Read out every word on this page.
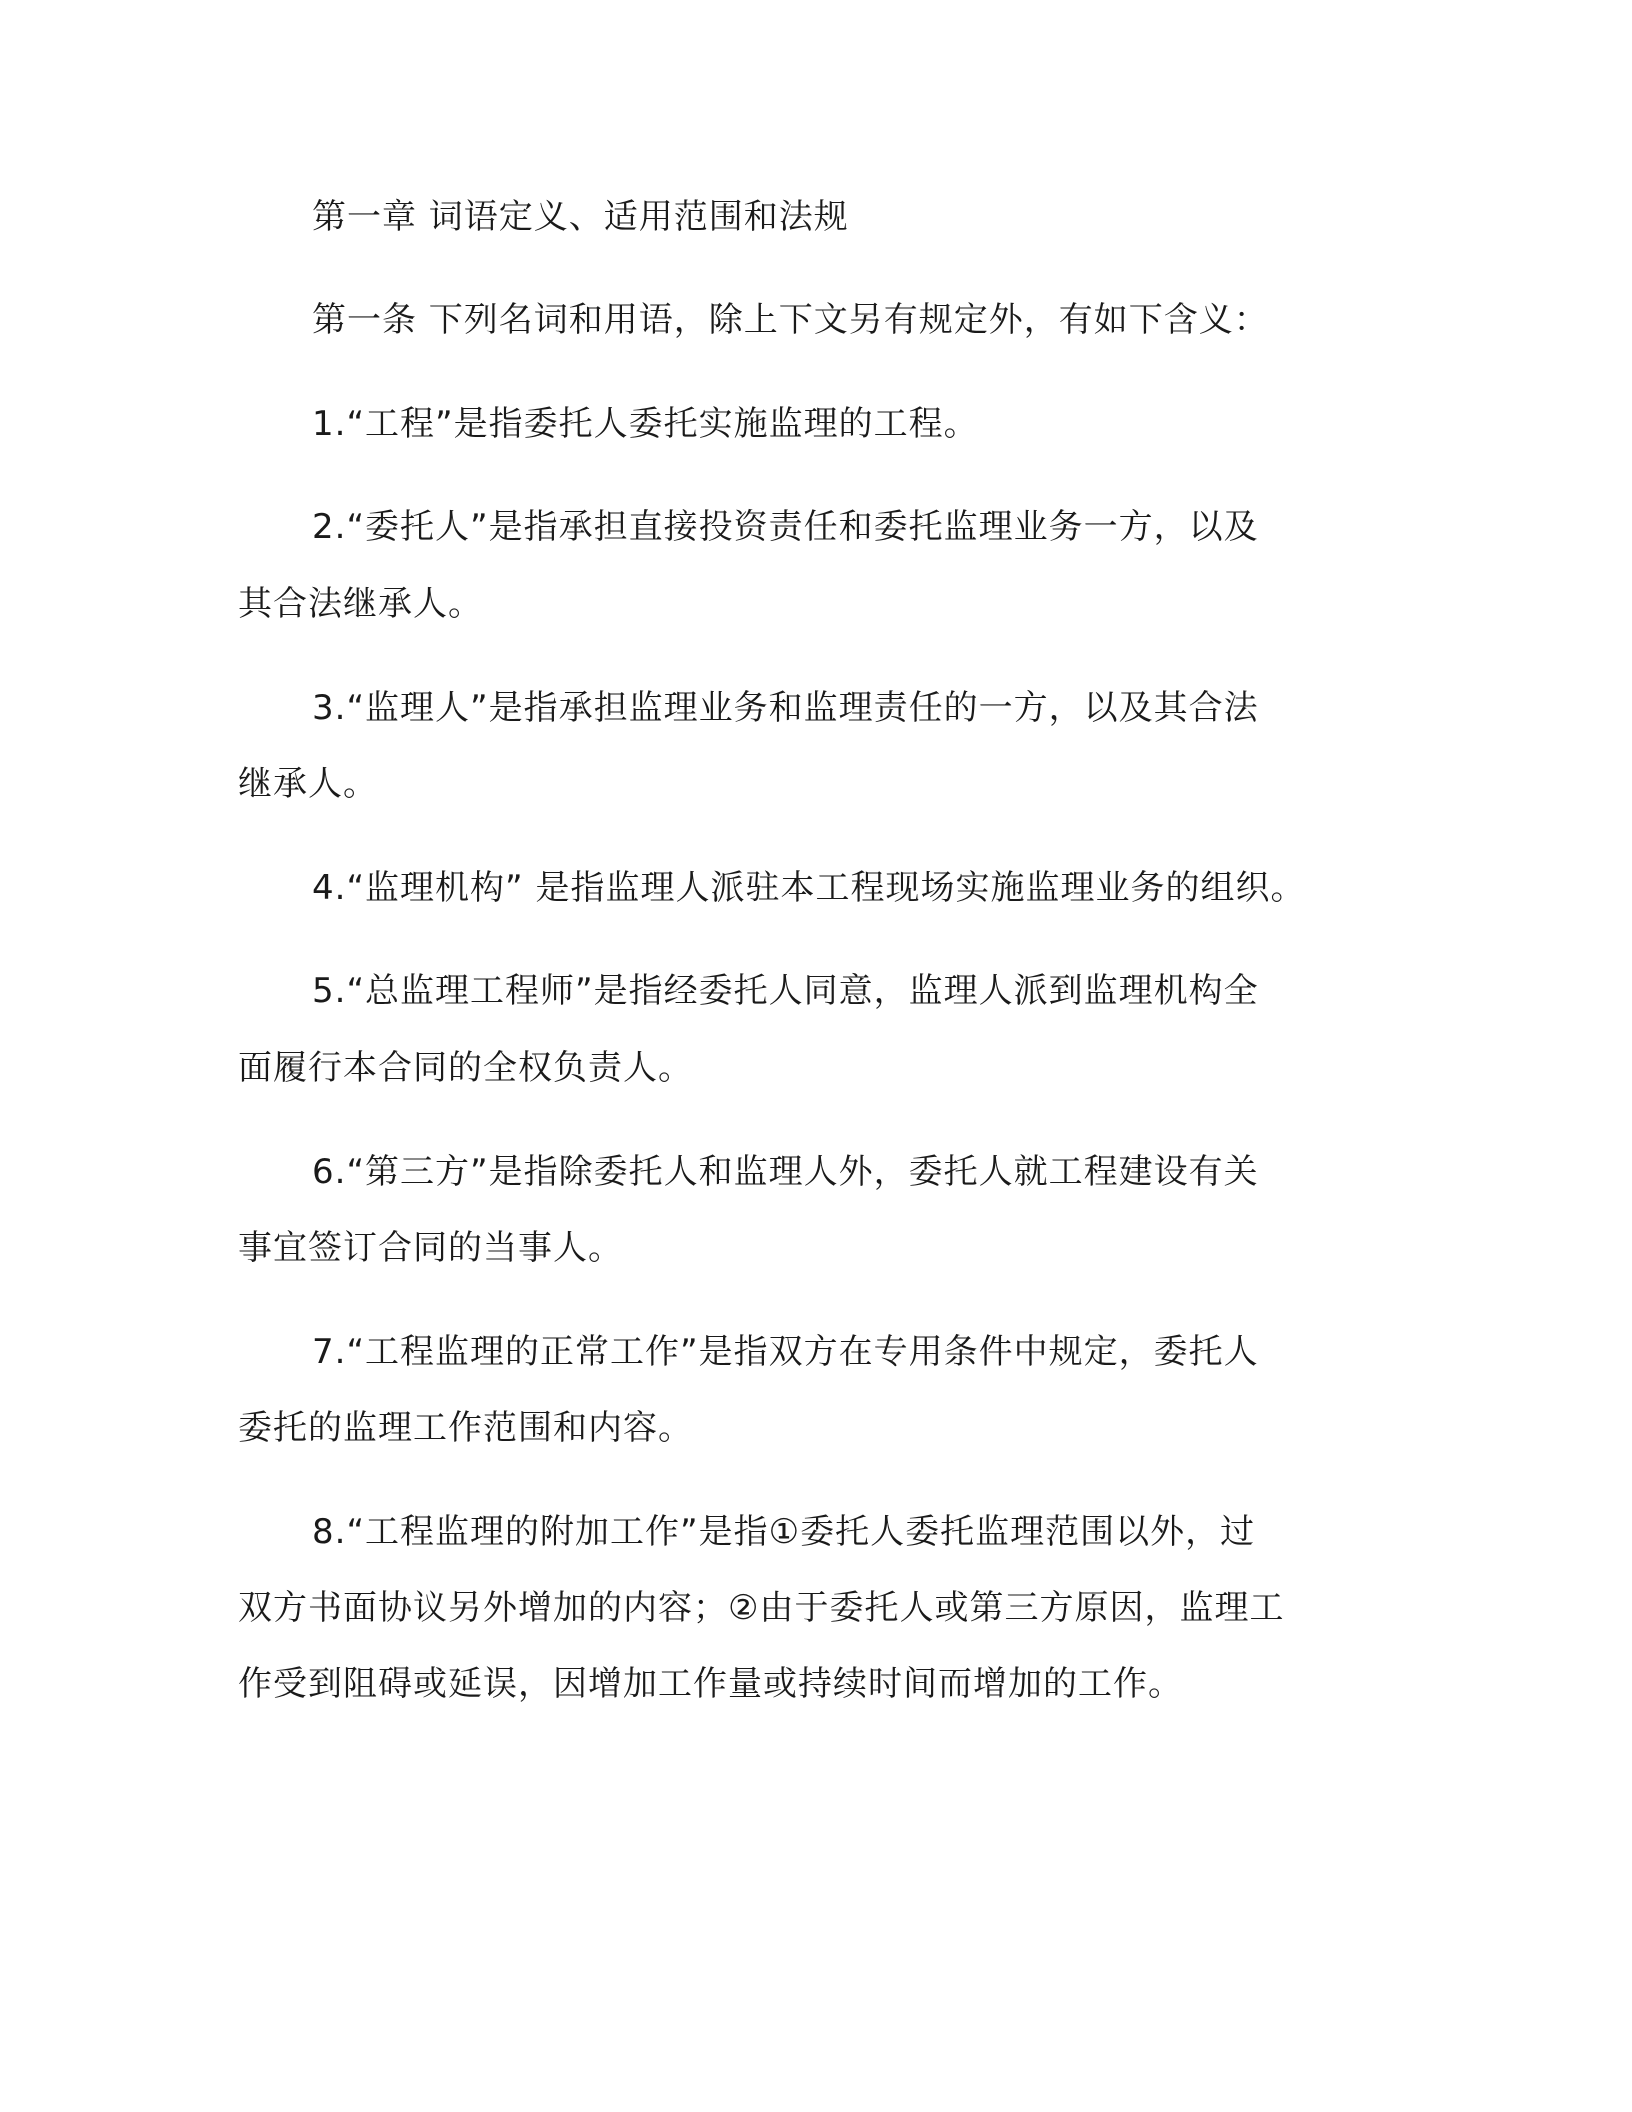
第一章 词语定义、适用范围和法规
第一条 下列名词和用语，除上下文另有规定外，有如下含义：
1.“工程”是指委托人委托实施监理的工程。
2.“委托人”是指承担直接投资责任和委托监理业务一方，以及
其合法继承人。
3.“监理人”是指承担监理业务和监理责任的一方，以及其合法
继承人。
4.“监理机构” 是指监理人派驻本工程现场实施监理业务的组织。
5.“总监理工程师”是指经委托人同意，监理人派到监理机构全
面履行本合同的全权负责人。
6.“第三方”是指除委托人和监理人外，委托人就工程建设有关
事宜签订合同的当事人。
7.“工程监理的正常工作”是指双方在专用条件中规定，委托人
委托的监理工作范围和内容。
8.“工程监理的附加工作”是指①委托人委托监理范围以外，过
双方书面协议另外增加的内容；②由于委托人或第三方原因，监理工
作受到阻碍或延误，因增加工作量或持续时间而增加的工作。
